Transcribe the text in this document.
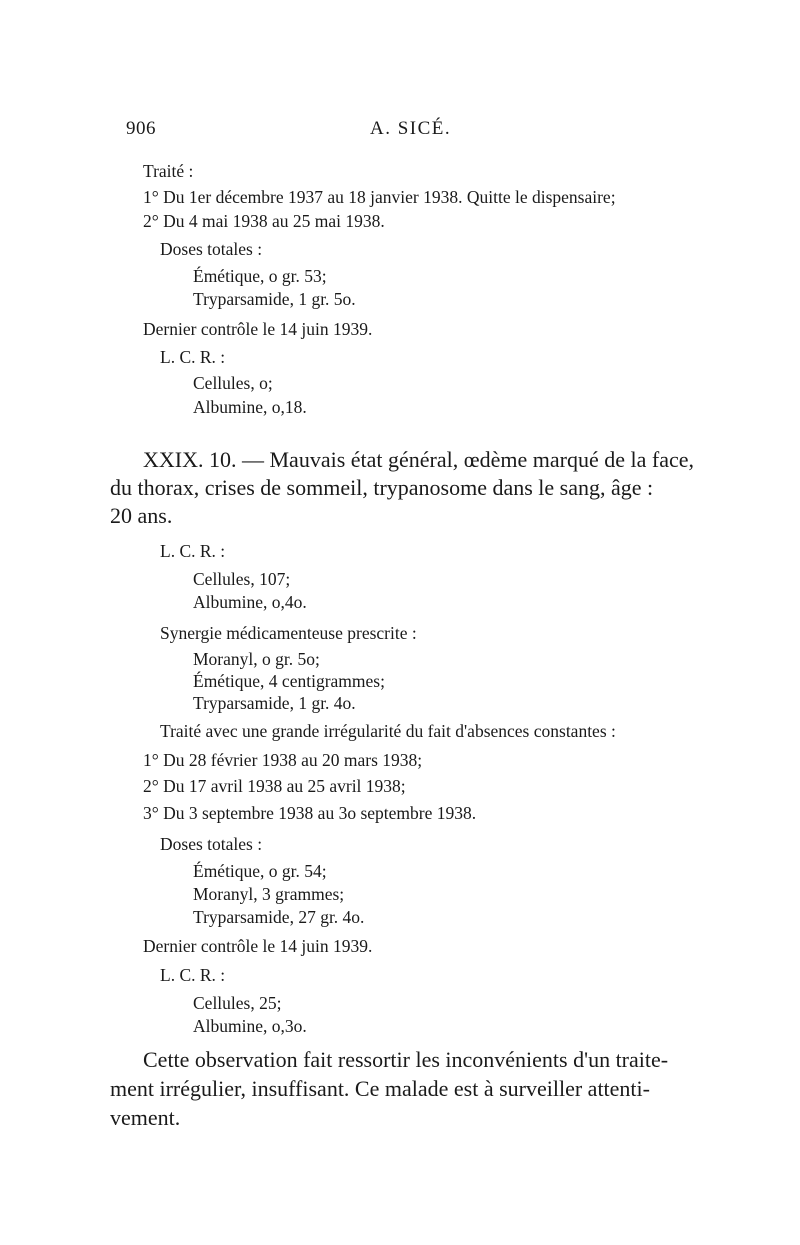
906	A. SICÉ.
Traité :
1° Du 1er décembre 1937 au 18 janvier 1938. Quitte le dispensaire;
2° Du 4 mai 1938 au 25 mai 1938.
Doses totales :
Émétique, o gr. 53;
Tryparsamide, 1 gr. 5o.
Dernier contrôle le 14 juin 1939.
L. C. R. :
Cellules, o;
Albumine, o,18.
XXIX. 10. — Mauvais état général, œdème marqué de la face,
du thorax, crises de sommeil, trypanosome dans le sang, âge :
20 ans.
L. C. R. :
Cellules, 107;
Albumine, o,4o.
Synergie médicamenteuse prescrite :
Moranyl, o gr. 5o;
Émétique, 4 centigrammes;
Tryparsamide, 1 gr. 4o.
Traité avec une grande irrégularité du fait d'absences constantes :
1° Du 28 février 1938 au 20 mars 1938;
2° Du 17 avril 1938 au 25 avril 1938;
3° Du 3 septembre 1938 au 3o septembre 1938.
Doses totales :
Émétique, o gr. 54;
Moranyl, 3 grammes;
Tryparsamide, 27 gr. 4o.
Dernier contrôle le 14 juin 1939.
L. C. R. :
Cellules, 25;
Albumine, o,3o.
Cette observation fait ressortir les inconvénients d'un traite-
ment irrégulier, insuffisant. Ce malade est à surveiller attenti-
vement.
